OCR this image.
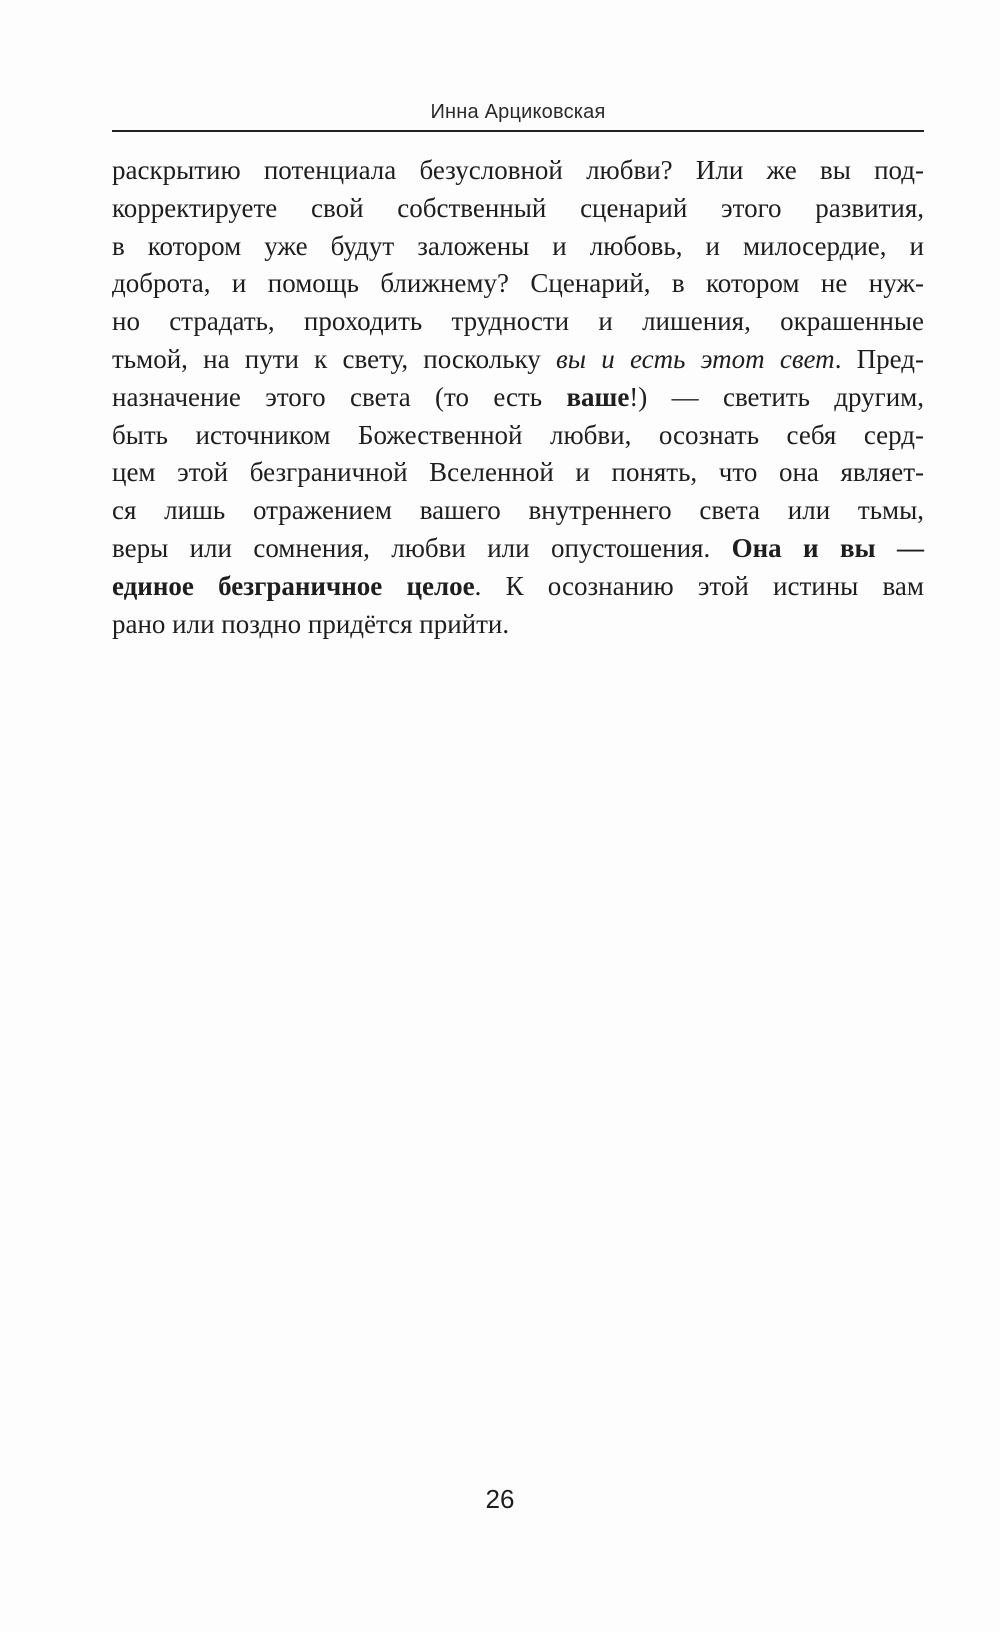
Инна Арциковская
раскрытию потенциала безусловной любви? Или же вы под-
корректируете свой собственный сценарий этого развития,
в котором уже будут заложены и любовь, и милосердие, и
доброта, и помощь ближнему? Сценарий, в котором не нуж-
но страдать, проходить трудности и лишения, окрашенные
тьмой, на пути к свету, поскольку вы и есть этот свет. Пред-
назначение этого света (то есть ваше!) — светить другим,
быть источником Божественной любви, осознать себя серд-
цем этой безграничной Вселенной и понять, что она являет-
ся лишь отражением вашего внутреннего света или тьмы,
веры или сомнения, любви или опустошения. Она и вы —
единое безграничное целое. К осознанию этой истины вам
рано или поздно придётся прийти.
26
